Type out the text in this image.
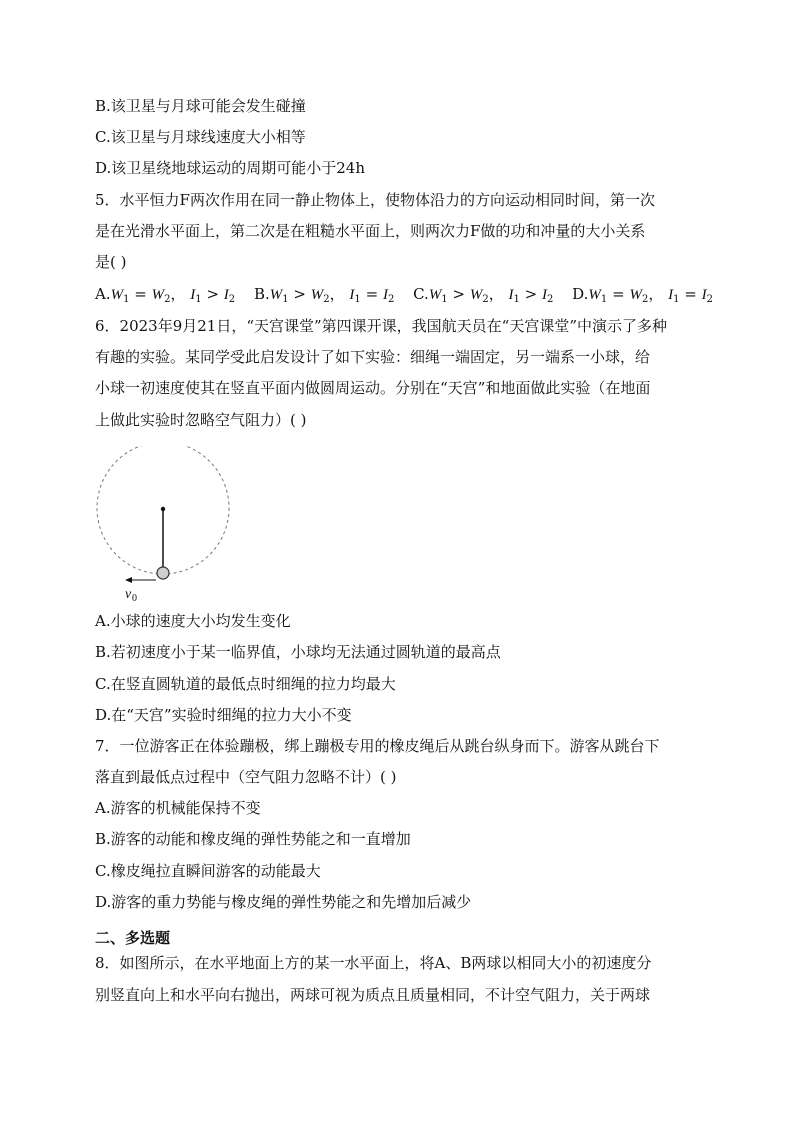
B.该卫星与月球可能会发生碰撞
C.该卫星与月球线速度大小相等
D.该卫星绕地球运动的周期可能小于24h
5．水平恒力F两次作用在同一静止物体上，使物体沿力的方向运动相同时间，第一次
是在光滑水平面上，第二次是在粗糙水平面上，则两次力F做的功和冲量的大小关系
是( )
$A.W_1 = W_2$， $I_1 > I_2$ $B.W_1 > W_2$， $I_1 = I_2$ $C.W_1 > W_2$， $I_1 > I_2$ $D.W_1 = W_2$， $I_1 = I_2$
6．2023年9月21日，“天宫课堂”第四课开课，我国航天员在“天宫课堂”中演示了多种
有趣的实验。某同学受此启发设计了如下实验：细绳一端固定，另一端系一小球，给
小球一初速度使其在竖直平面内做圆周运动。分别在“天宫”和地面做此实验（在地面
上做此实验时忽略空气阻力）( )
v 0
A.小球的速度大小均发生变化
B.若初速度小于某一临界值，小球均无法通过圆轨道的最高点
C.在竖直圆轨道的最低点时细绳的拉力均最大
D.在“天宫”实验时细绳的拉力大小不变
7．一位游客正在体验蹦极，绑上蹦极专用的橡皮绳后从跳台纵身而下。游客从跳台下
落直到最低点过程中（空气阻力忽略不计）( )
A.游客的机械能保持不变
B.游客的动能和橡皮绳的弹性势能之和一直增加
C.橡皮绳拉直瞬间游客的动能最大
D.游客的重力势能与橡皮绳的弹性势能之和先增加后减少
二、多选题
8．如图所示，在水平地面上方的某一水平面上，将A、B两球以相同大小的初速度分
别竖直向上和水平向右抛出，两球可视为质点且质量相同，不计空气阻力，关于两球
